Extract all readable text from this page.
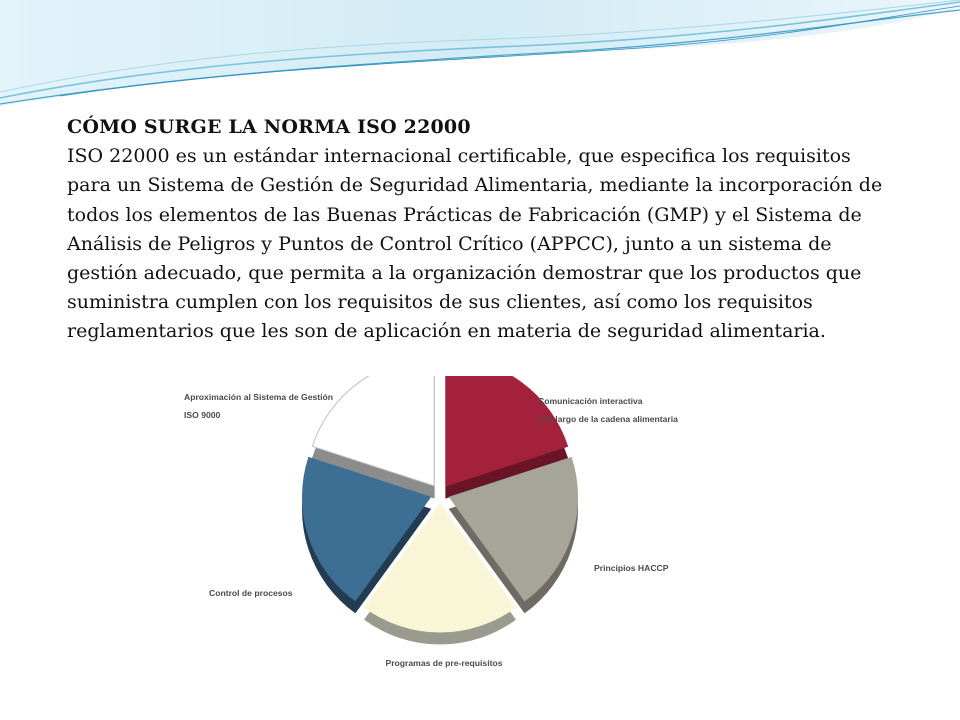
CÓMO SURGE LA NORMA ISO 22000

ISO 22000 es un estándar internacional certificable, que especifica los requisitos para un Sistema de Gestión de Seguridad Alimentaria, mediante la incorporación de todos los elementos de las Buenas Prácticas de Fabricación (GMP) y el Sistema de Análisis de Peligros y Puntos de Control Crítico (APPCC), junto a un sistema de gestión adecuado, que permita a la organización demostrar que los productos que suministra cumplen con los requisitos de sus clientes, así como los requisitos reglamentarios que les son de aplicación en materia de seguridad alimentaria.

Comunicación interactiva
a lo largo de la cadena alimentaria
Principios HACCP
Programas de pre-requisitos
Control de procesos
Aproximación al Sistema de Gestión
ISO 9000
